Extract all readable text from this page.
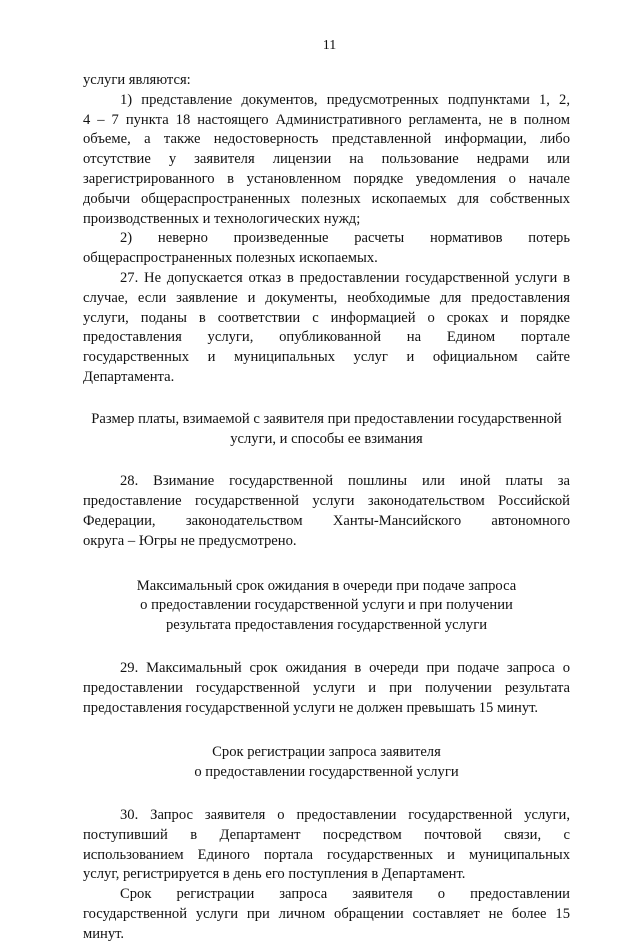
11
услуги являются:
1) представление документов, предусмотренных подпунктами 1, 2,
4 – 7 пункта 18 настоящего Административного регламента, не в полном
объеме, а также недостоверность представленной информации, либо
отсутствие у заявителя лицензии на пользование недрами или
зарегистрированного в установленном порядке уведомления о начале
добычи общераспространенных полезных ископаемых для собственных
производственных и технологических нужд;
2) неверно произведенные расчеты нормативов потерь
общераспространенных полезных ископаемых.
27. Не допускается отказ в предоставлении государственной услуги в
случае, если заявление и документы, необходимые для предоставления
услуги, поданы в соответствии с информацией о сроках и порядке
предоставления услуги, опубликованной на Едином портале
государственных и муниципальных услуг и официальном сайте
Департамента.
Размер платы, взимаемой с заявителя при предоставлении государственной
услуги, и способы ее взимания
28. Взимание государственной пошлины или иной платы за
предоставление государственной услуги законодательством Российской
Федерации, законодательством Ханты-Мансийского автономного
округа – Югры не предусмотрено.
Максимальный срок ожидания в очереди при подаче запроса
о предоставлении государственной услуги и при получении
результата предоставления государственной услуги
29. Максимальный срок ожидания в очереди при подаче запроса о
предоставлении государственной услуги и при получении результата
предоставления государственной услуги не должен превышать 15 минут.
Срок регистрации запроса заявителя
о предоставлении государственной услуги
30. Запрос заявителя о предоставлении государственной услуги,
поступивший в Департамент посредством почтовой связи, с
использованием Единого портала государственных и муниципальных
услуг, регистрируется в день его поступления в Департамент.
Срок регистрации запроса заявителя о предоставлении
государственной услуги при личном обращении составляет не более 15
минут.
